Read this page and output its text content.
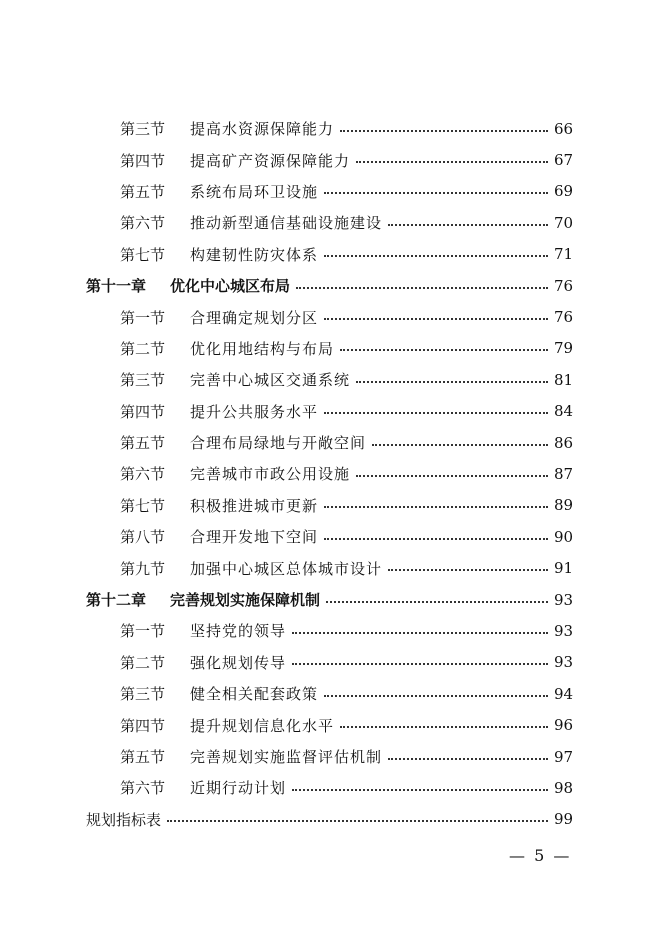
第三节	提高水资源保障能力	66
第四节	提高矿产资源保障能力	67
第五节	系统布局环卫设施	69
第六节	推动新型通信基础设施建设	70
第七节	构建韧性防灾体系	71
第十一章	优化中心城区布局	76
第一节	合理确定规划分区	76
第二节	优化用地结构与布局	79
第三节	完善中心城区交通系统	81
第四节	提升公共服务水平	84
第五节	合理布局绿地与开敞空间	86
第六节	完善城市市政公用设施	87
第七节	积极推进城市更新	89
第八节	合理开发地下空间	90
第九节	加强中心城区总体城市设计	91
第十二章	完善规划实施保障机制	93
第一节	坚持党的领导	93
第二节	强化规划传导	93
第三节	健全相关配套政策	94
第四节	提升规划信息化水平	96
第五节	完善规划实施监督评估机制	97
第六节	近期行动计划	98
规划指标表	99
— 5 —
